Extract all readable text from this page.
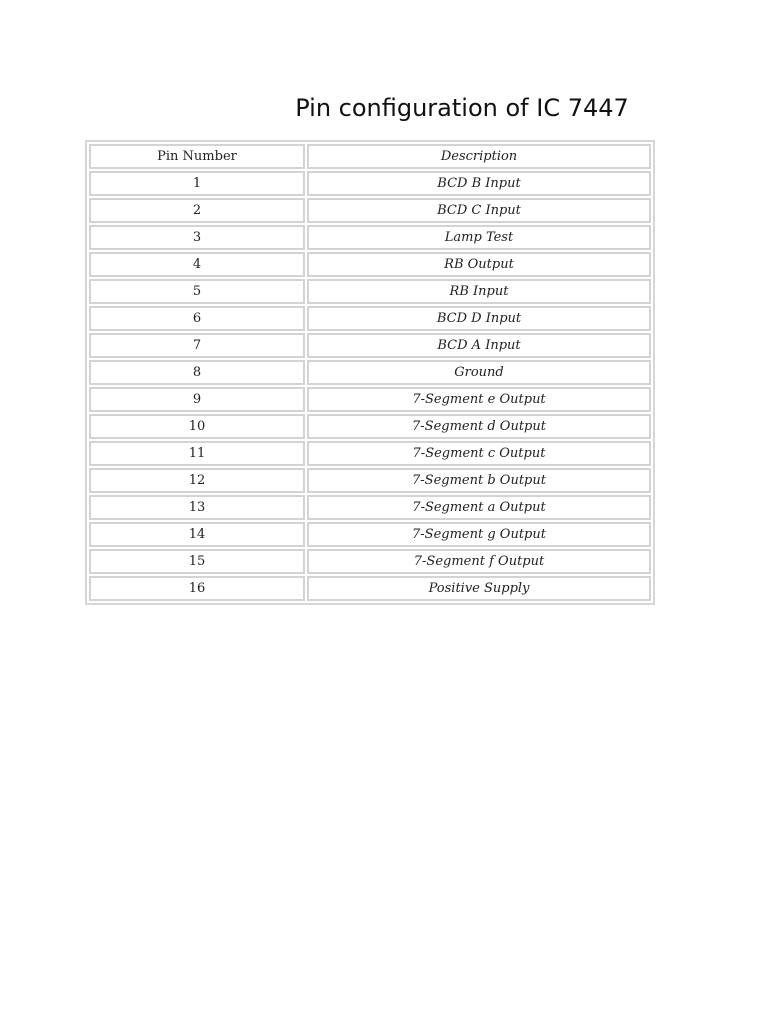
Pin configuration of IC 7447
Pin Number	Description
1	BCD B Input
2	BCD C Input
3	Lamp Test
4	RB Output
5	RB Input
6	BCD D Input
7	BCD A Input
8	Ground
9	7-Segment e Output
10	7-Segment d Output
11	7-Segment c Output
12	7-Segment b Output
13	7-Segment a Output
14	7-Segment g Output
15	7-Segment f Output
16	Positive Supply
